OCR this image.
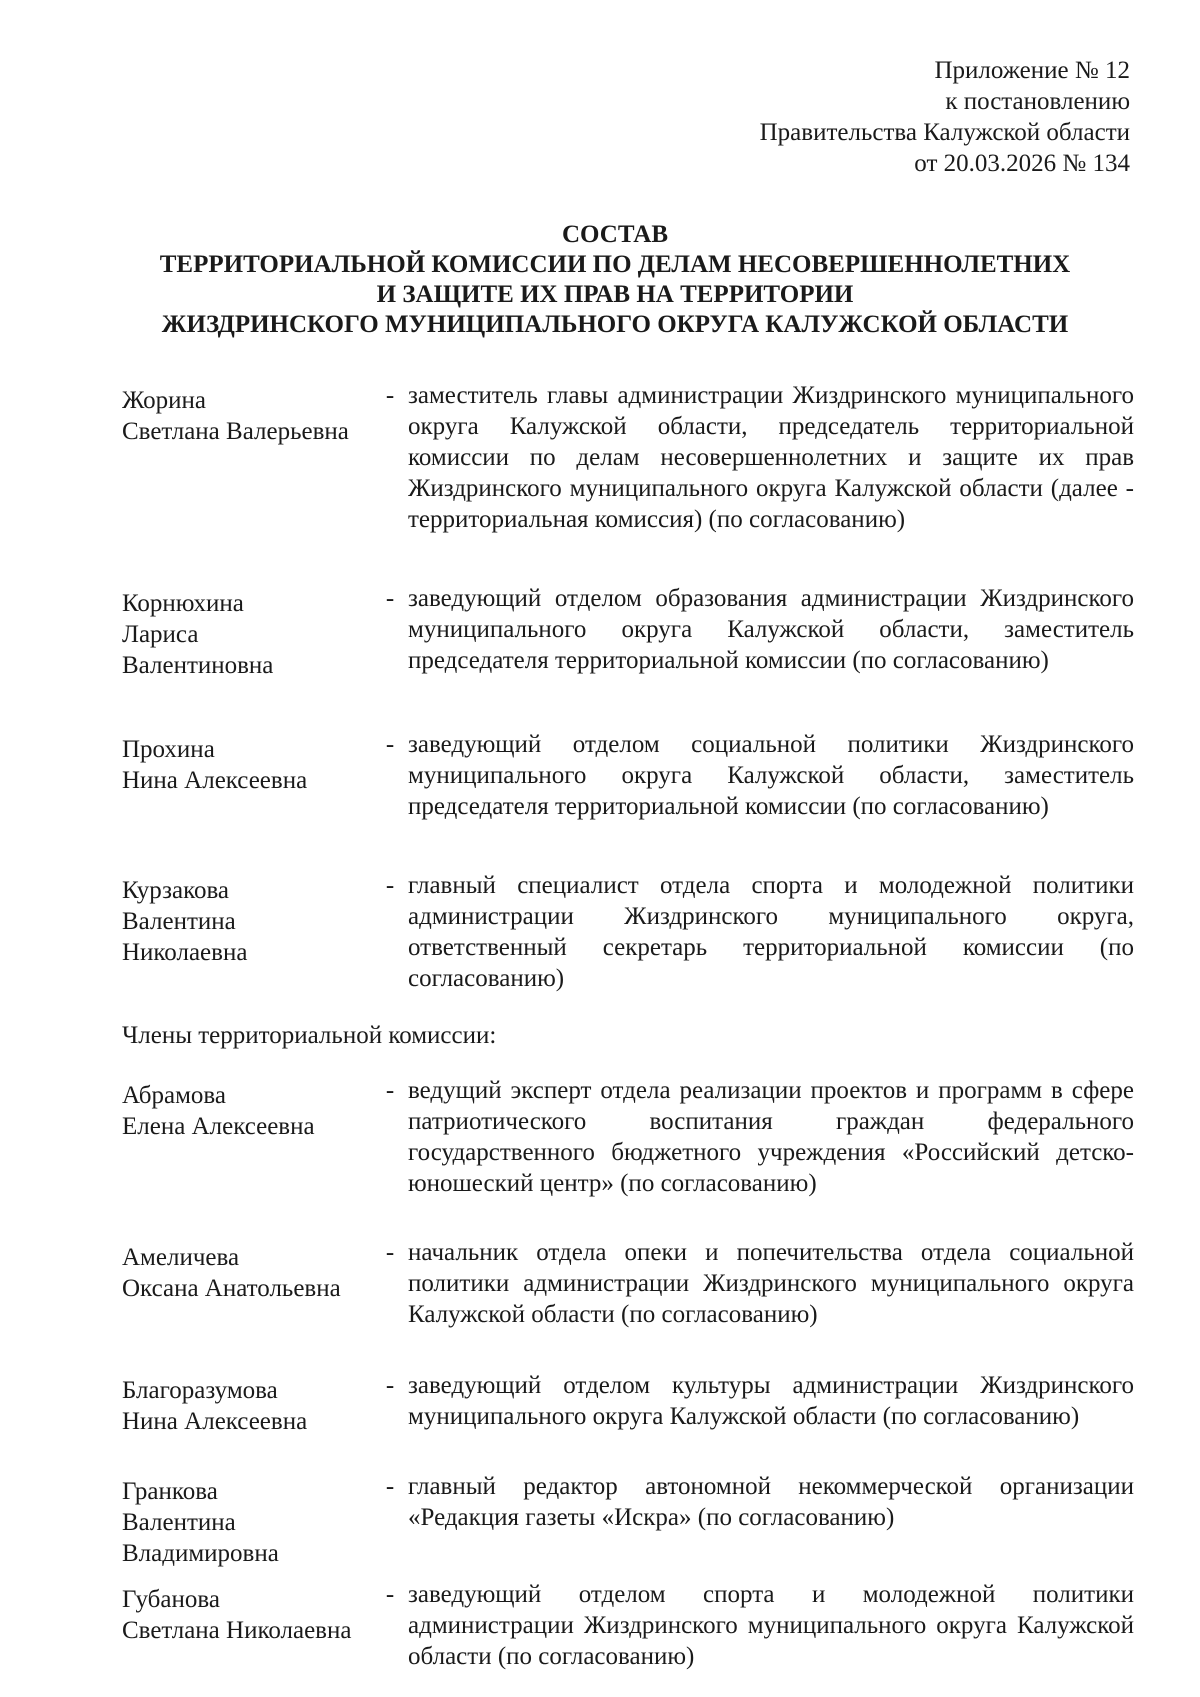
Приложение № 12
к постановлению
Правительства Калужской области
от 20.03.2026 № 134
СОСТАВ
ТЕРРИТОРИАЛЬНОЙ КОМИССИИ ПО ДЕЛАМ НЕСОВЕРШЕННОЛЕТНИХ
И ЗАЩИТЕ ИХ ПРАВ НА ТЕРРИТОРИИ
ЖИЗДРИНСКОГО МУНИЦИПАЛЬНОГО ОКРУГА КАЛУЖСКОЙ ОБЛАСТИ
Жорина
Светлана Валерьевна
- заместитель главы администрации Жиздринского муниципального округа Калужской области, председатель территориальной комиссии по делам несовершеннолетних и защите их прав Жиздринского муниципального округа Калужской области (далее - территориальная комиссия) (по согласованию)
Корнюхина
Лариса
Валентиновна
- заведующий отделом образования администрации Жиздринского муниципального округа Калужской области, заместитель председателя территориальной комиссии (по согласованию)
Прохина
Нина Алексеевна
- заведующий отделом социальной политики Жиздринского муниципального округа Калужской области, заместитель председателя территориальной комиссии (по согласованию)
Курзакова
Валентина
Николаевна
- главный специалист отдела спорта и молодежной политики администрации Жиздринского муниципального округа, ответственный секретарь территориальной комиссии (по согласованию)
Члены территориальной комиссии:
Абрамова
Елена Алексеевна
- ведущий эксперт отдела реализации проектов и программ в сфере патриотического воспитания граждан федерального государственного бюджетного учреждения «Российский детско-юношеский центр» (по согласованию)
Амеличева
Оксана Анатольевна
- начальник отдела опеки и попечительства отдела социальной политики администрации Жиздринского муниципального округа Калужской области (по согласованию)
Благоразумова
Нина Алексеевна
- заведующий отделом культуры администрации Жиздринского муниципального округа Калужской области (по согласованию)
Гранкова
Валентина
Владимировна
- главный редактор автономной некоммерческой организации «Редакция газеты «Искра» (по согласованию)
Губанова
Светлана Николаевна
- заведующий отделом спорта и молодежной политики администрации Жиздринского муниципального округа Калужской области (по согласованию)
